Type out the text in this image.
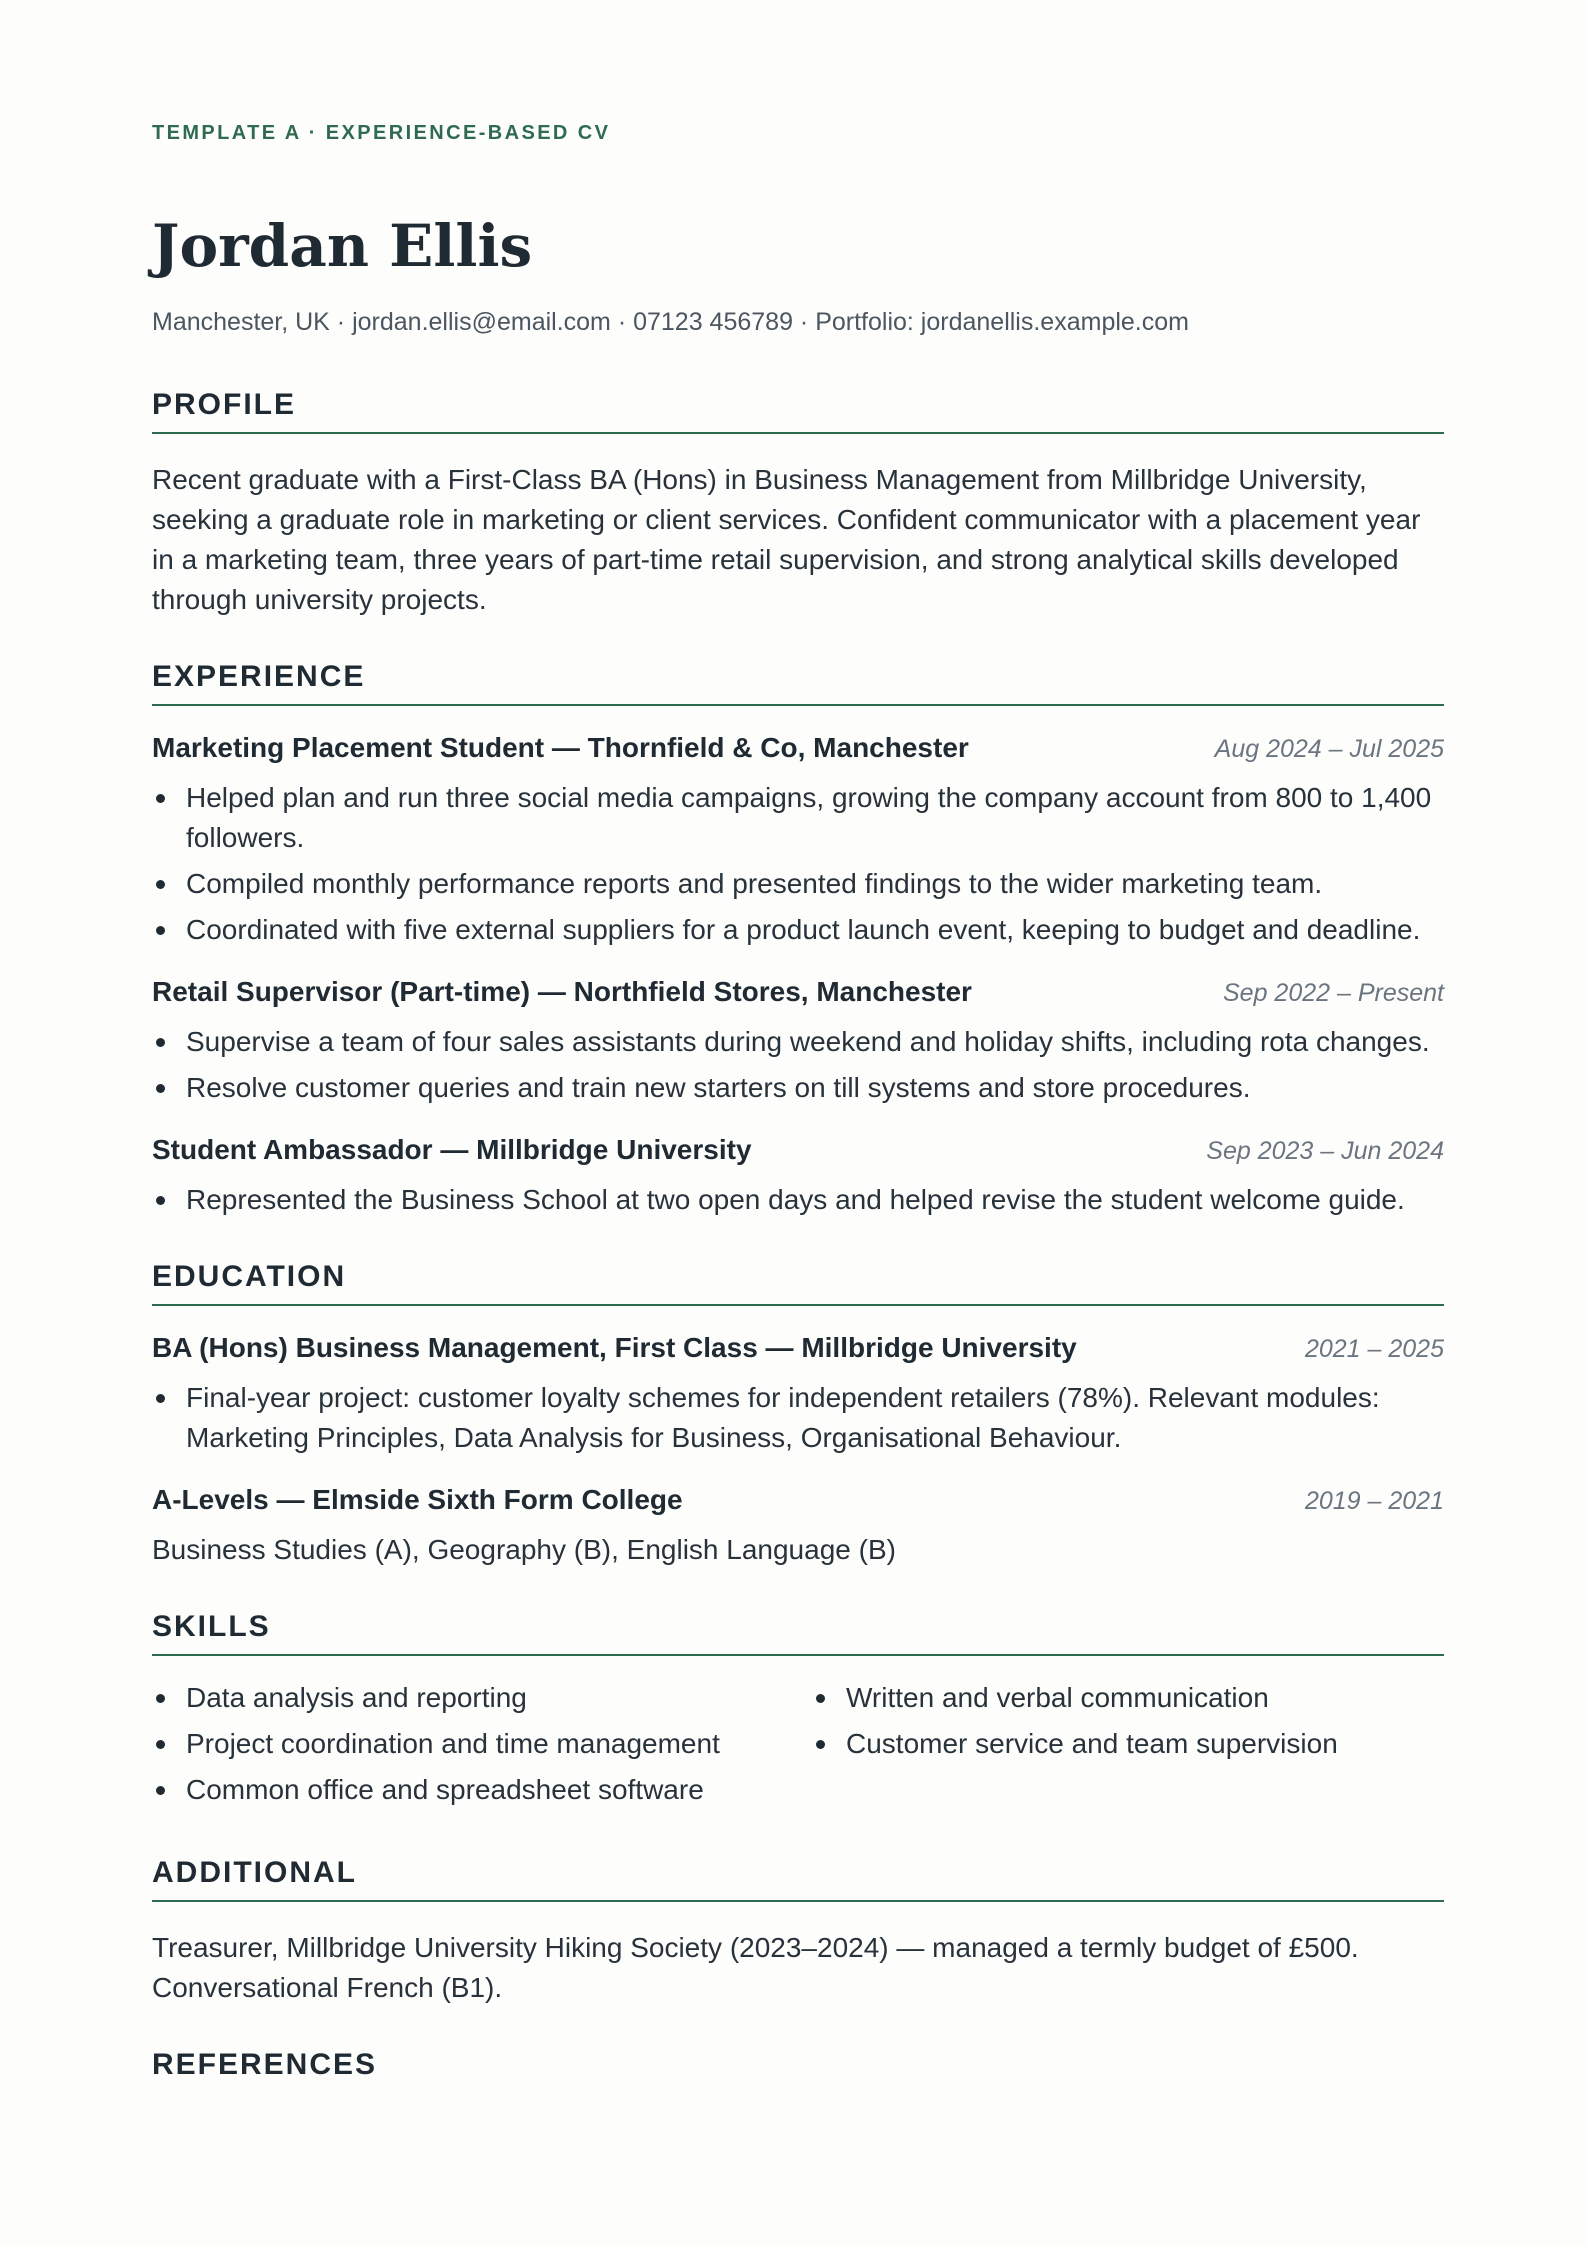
TEMPLATE A · EXPERIENCE-BASED CV
Jordan Ellis
Manchester, UK · jordan.ellis@email.com · 07123 456789 · Portfolio: jordanellis.example.com
PROFILE

Recent graduate with a First-Class BA (Hons) in Business Management from Millbridge University, seeking a graduate role in marketing or client services. Confident communicator with a placement year in a marketing team, three years of part-time retail supervision, and strong analytical skills developed through university projects.

EXPERIENCE
Marketing Placement Student — Thornfield & Co, Manchester	Aug 2024 – Jul 2025
Helped plan and run three social media campaigns, growing the company account from 800 to 1,400 followers.
Compiled monthly performance reports and presented findings to the wider marketing team.
Coordinated with five external suppliers for a product launch event, keeping to budget and deadline.
Retail Supervisor (Part-time) — Northfield Stores, Manchester	Sep 2022 – Present
Supervise a team of four sales assistants during weekend and holiday shifts, including rota changes.
Resolve customer queries and train new starters on till systems and store procedures.
Student Ambassador — Millbridge University	Sep 2023 – Jun 2024
Represented the Business School at two open days and helped revise the student welcome guide.
EDUCATION
BA (Hons) Business Management, First Class — Millbridge University	2021 – 2025
Final-year project: customer loyalty schemes for independent retailers (78%). Relevant modules: Marketing Principles, Data Analysis for Business, Organisational Behaviour.
A-Levels — Elmside Sixth Form College	2019 – 2021
Business Studies (A), Geography (B), English Language (B)
SKILLS
Data analysis and reporting
Project coordination and time management
Common office and spreadsheet software
Written and verbal communication
Customer service and team supervision
ADDITIONAL

Treasurer, Millbridge University Hiking Society (2023–2024) — managed a termly budget of £500. Conversational French (B1).

REFERENCES
